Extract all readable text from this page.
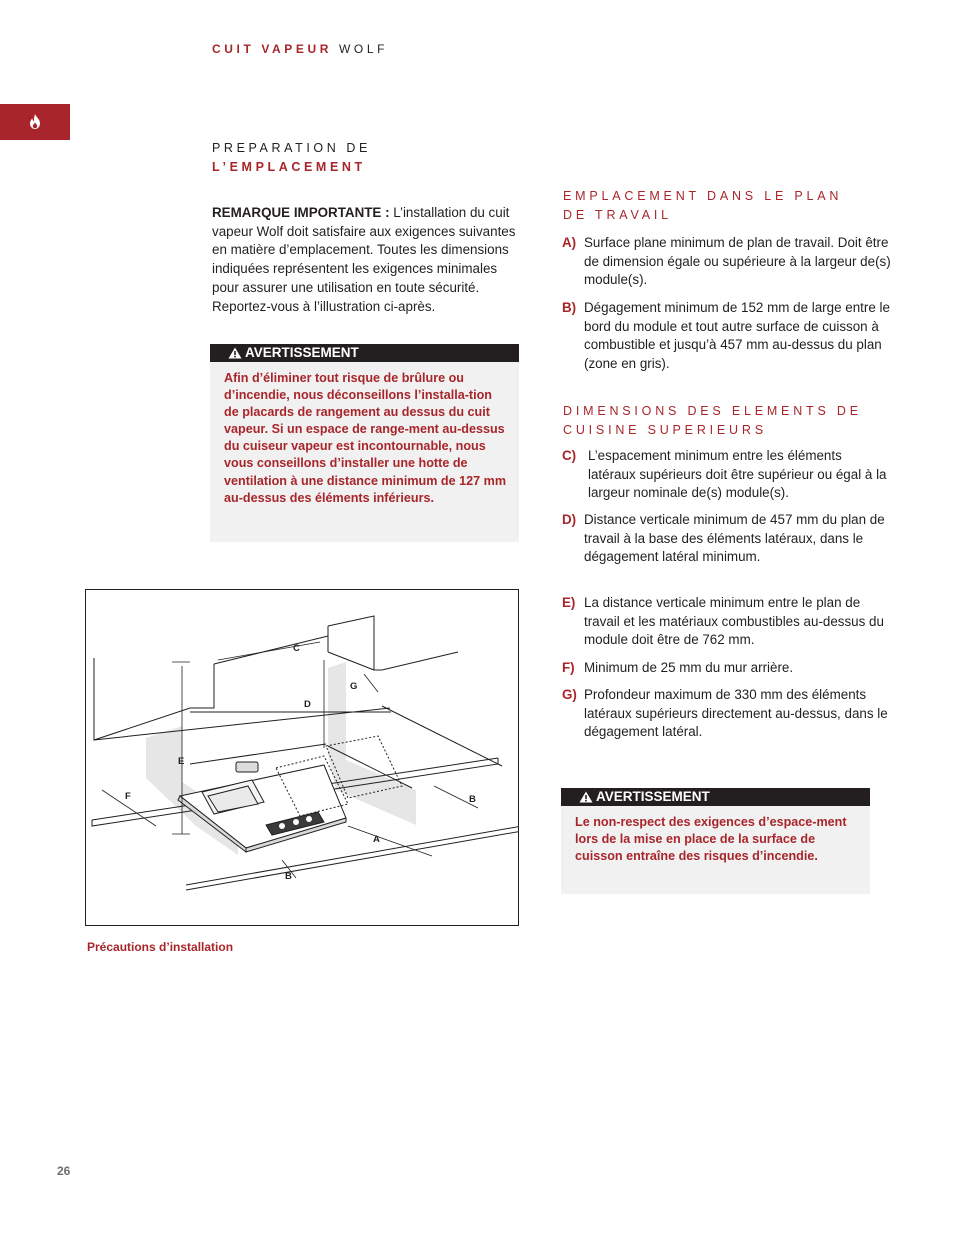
CUIT VAPEUR WOLF
PREPARATION DE
L’EMPLACEMENT
REMARQUE IMPORTANTE : L’installation du cuit vapeur Wolf doit satisfaire aux exigences suivantes en matière d’emplacement. Toutes les dimensions indiquées représentent les exigences minimales pour assurer une utilisation en toute sécurité. Reportez-vous à l’illustration ci-après.
AVERTISSEMENT
Afin d’éliminer tout risque de brûlure ou d’incendie, nous déconseillons l’installa-tion de placards de rangement au dessus du cuit vapeur. Si un espace de range-ment au-dessus du cuiseur vapeur est incontournable, nous vous conseillons d’installer une hotte de ventilation à une distance minimum de 127 mm au-dessus des éléments inférieurs.
EMPLACEMENT DANS LE PLAN
DE TRAVAIL
A) Surface plane minimum de plan de travail. Doit être de dimension égale ou supérieure à la largeur de(s) module(s).
B) Dégagement minimum de 152 mm de large entre le bord du module et tout autre surface de cuisson à combustible et jusqu’à 457 mm au-dessus du plan (zone en gris).
DIMENSIONS DES ELEMENTS DE
CUISINE SUPERIEURS
C) L’espacement minimum entre les éléments latéraux supérieurs doit être supérieur ou égal à la largeur nominale de(s) module(s).
D) Distance verticale minimum de 457 mm du plan de travail à la base des éléments latéraux, dans le dégagement latéral minimum.
E) La distance verticale minimum entre le plan de travail et les matériaux combustibles au-dessus du module doit être de 762 mm.
F) Minimum de 25 mm du mur arrière.
G) Profondeur maximum de 330 mm des éléments latéraux supérieurs directement au-dessus, dans le dégagement latéral.
AVERTISSEMENT
Le non-respect des exigences d’espace-ment lors de la mise en place de la surface de cuisson entraîne des risques d’incendie.
C
D
G
E
F	B
A
B
Précautions d’installation
26
